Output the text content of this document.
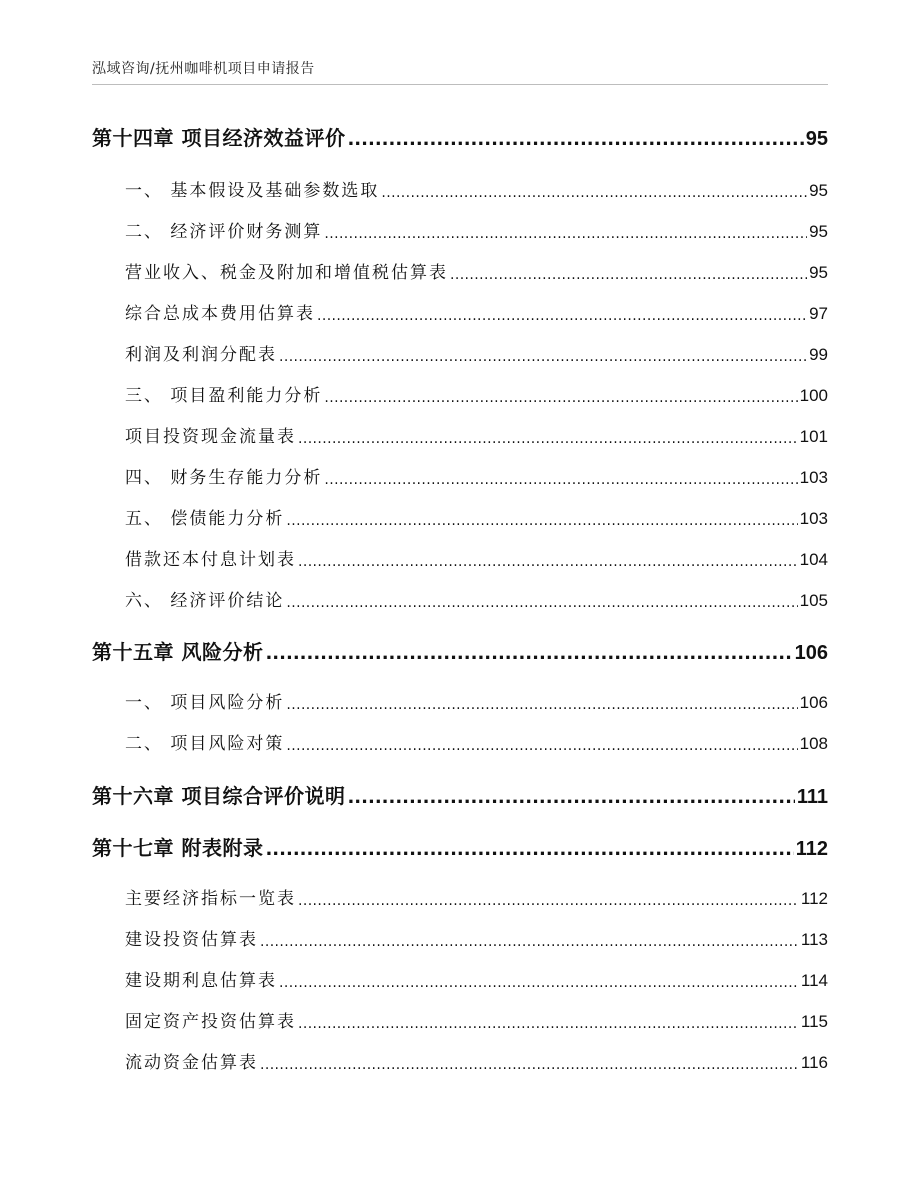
泓域咨询/抚州咖啡机项目申请报告
第十四章 项目经济效益评价 .....	95
一、 基本假设及基础参数选取 .....	95
二、 经济评价财务测算 .....	95
营业收入、税金及附加和增值税估算表 .....	95
综合总成本费用估算表 .....	97
利润及利润分配表 .....	99
三、 项目盈利能力分析 .....	100
项目投资现金流量表 .....	101
四、 财务生存能力分析 .....	103
五、 偿债能力分析 .....	103
借款还本付息计划表 .....	104
六、 经济评价结论 .....	105
第十五章 风险分析 .....	106
一、 项目风险分析 .....	106
二、 项目风险对策 .....	108
第十六章 项目综合评价说明 .....	111
第十七章 附表附录 .....	112
主要经济指标一览表 .....	112
建设投资估算表 .....	113
建设期利息估算表 .....	114
固定资产投资估算表 .....	115
流动资金估算表 .....	116
